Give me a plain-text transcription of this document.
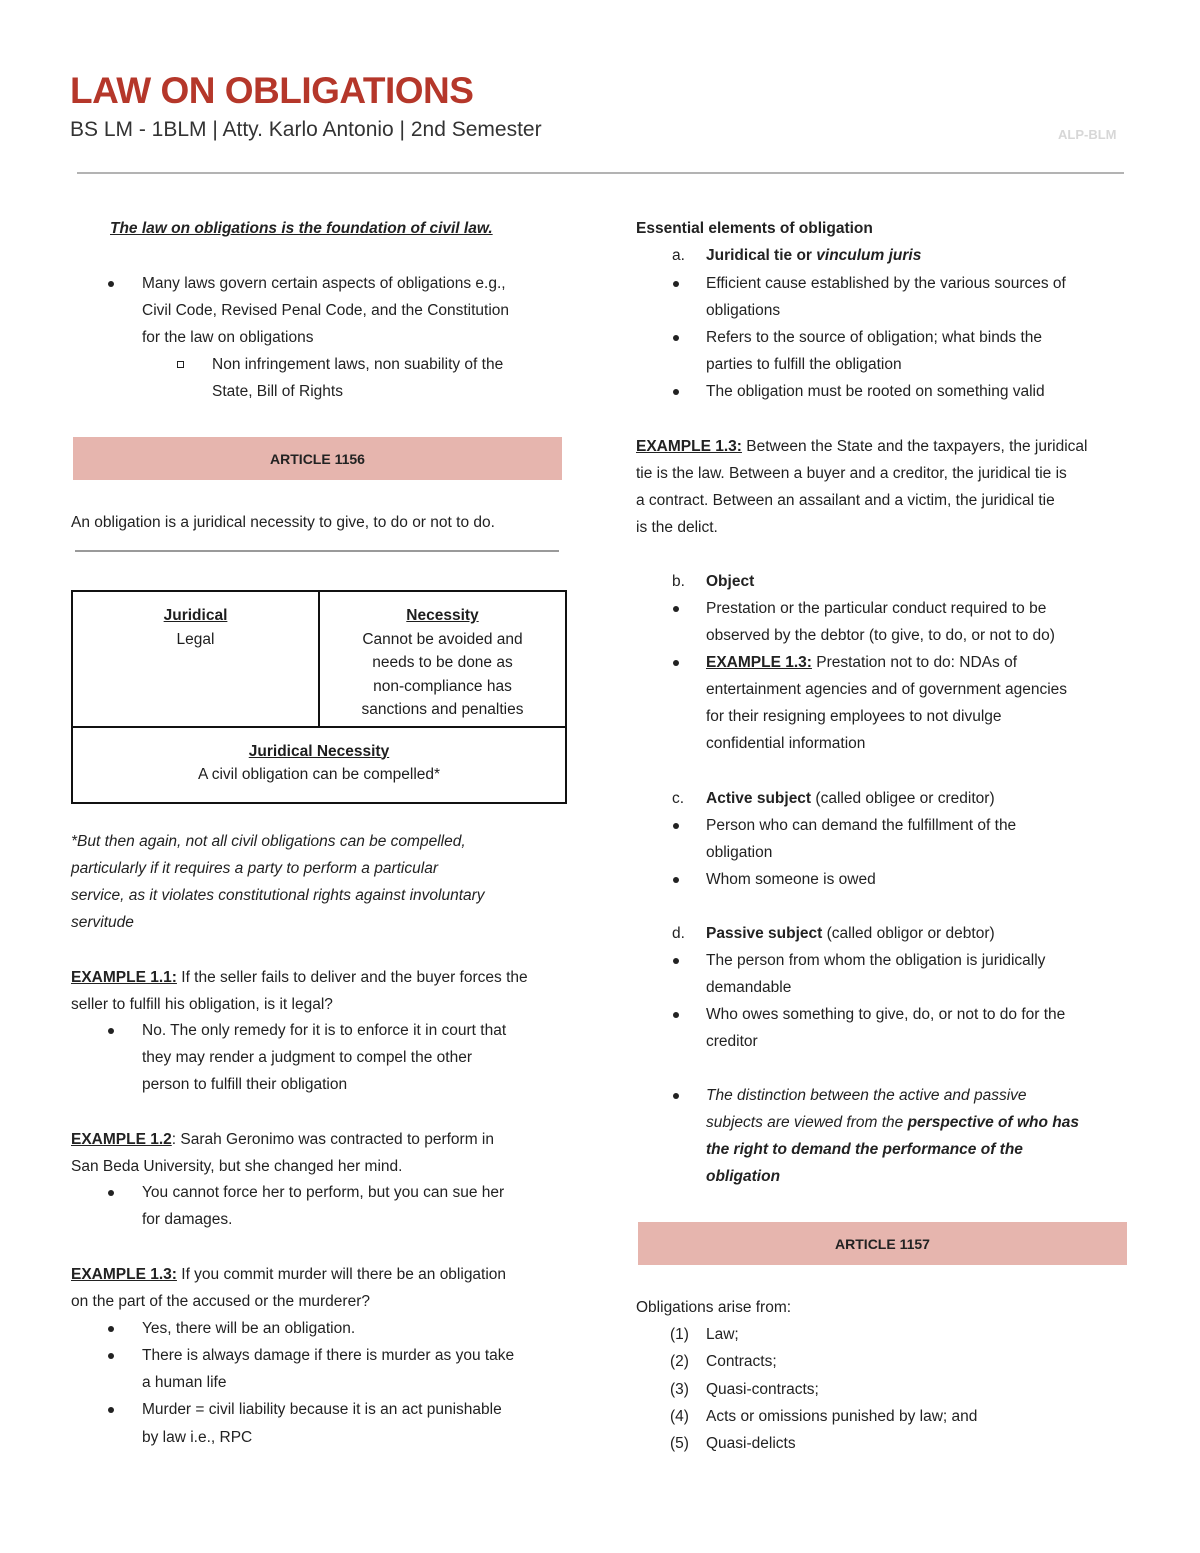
LAW ON OBLIGATIONS
BS LM - 1BLM | Atty. Karlo Antonio | 2nd Semester	ALP-BLM
The law on obligations is the foundation of civil law.
Many laws govern certain aspects of obligations e.g.,
Civil Code, Revised Penal Code, and the Constitution
for the law on obligations
Non infringement laws, non suability of the
State, Bill of Rights
ARTICLE 1156
An obligation is a juridical necessity to give, to do or not to do.
Juridical
Legal

Necessity
Cannot be avoided and
needs to be done as
non-compliance has
sanctions and penalties

Juridical Necessity
A civil obligation can be compelled*
*But then again, not all civil obligations can be compelled,
particularly if it requires a party to perform a particular
service, as it violates constitutional rights against involuntary
servitude
EXAMPLE 1.1: If the seller fails to deliver and the buyer forces the
seller to fulfill his obligation, is it legal?
No. The only remedy for it is to enforce it in court that
they may render a judgment to compel the other
person to fulfill their obligation
EXAMPLE 1.2: Sarah Geronimo was contracted to perform in
San Beda University, but she changed her mind.
You cannot force her to perform, but you can sue her
for damages.
EXAMPLE 1.3: If you commit murder will there be an obligation
on the part of the accused or the murderer?
Yes, there will be an obligation.
There is always damage if there is murder as you take
a human life
Murder = civil liability because it is an act punishable
by law i.e., RPC
Essential elements of obligation
a. Juridical tie or vinculum juris
Efficient cause established by the various sources of
obligations
Refers to the source of obligation; what binds the
parties to fulfill the obligation
The obligation must be rooted on something valid
EXAMPLE 1.3: Between the State and the taxpayers, the juridical
tie is the law. Between a buyer and a creditor, the juridical tie is
a contract. Between an assailant and a victim, the juridical tie
is the delict.
b. Object
Prestation or the particular conduct required to be
observed by the debtor (to give, to do, or not to do)
EXAMPLE 1.3: Prestation not to do: NDAs of
entertainment agencies and of government agencies
for their resigning employees to not divulge
confidential information
c. Active subject (called obligee or creditor)
Person who can demand the fulfillment of the
obligation
Whom someone is owed
d. Passive subject (called obligor or debtor)
The person from whom the obligation is juridically
demandable
Who owes something to give, do, or not to do for the
creditor
The distinction between the active and passive
subjects are viewed from the perspective of who has
the right to demand the performance of the
obligation
ARTICLE 1157
Obligations arise from:
(1) Law;
(2) Contracts;
(3) Quasi-contracts;
(4) Acts or omissions punished by law; and
(5) Quasi-delicts
